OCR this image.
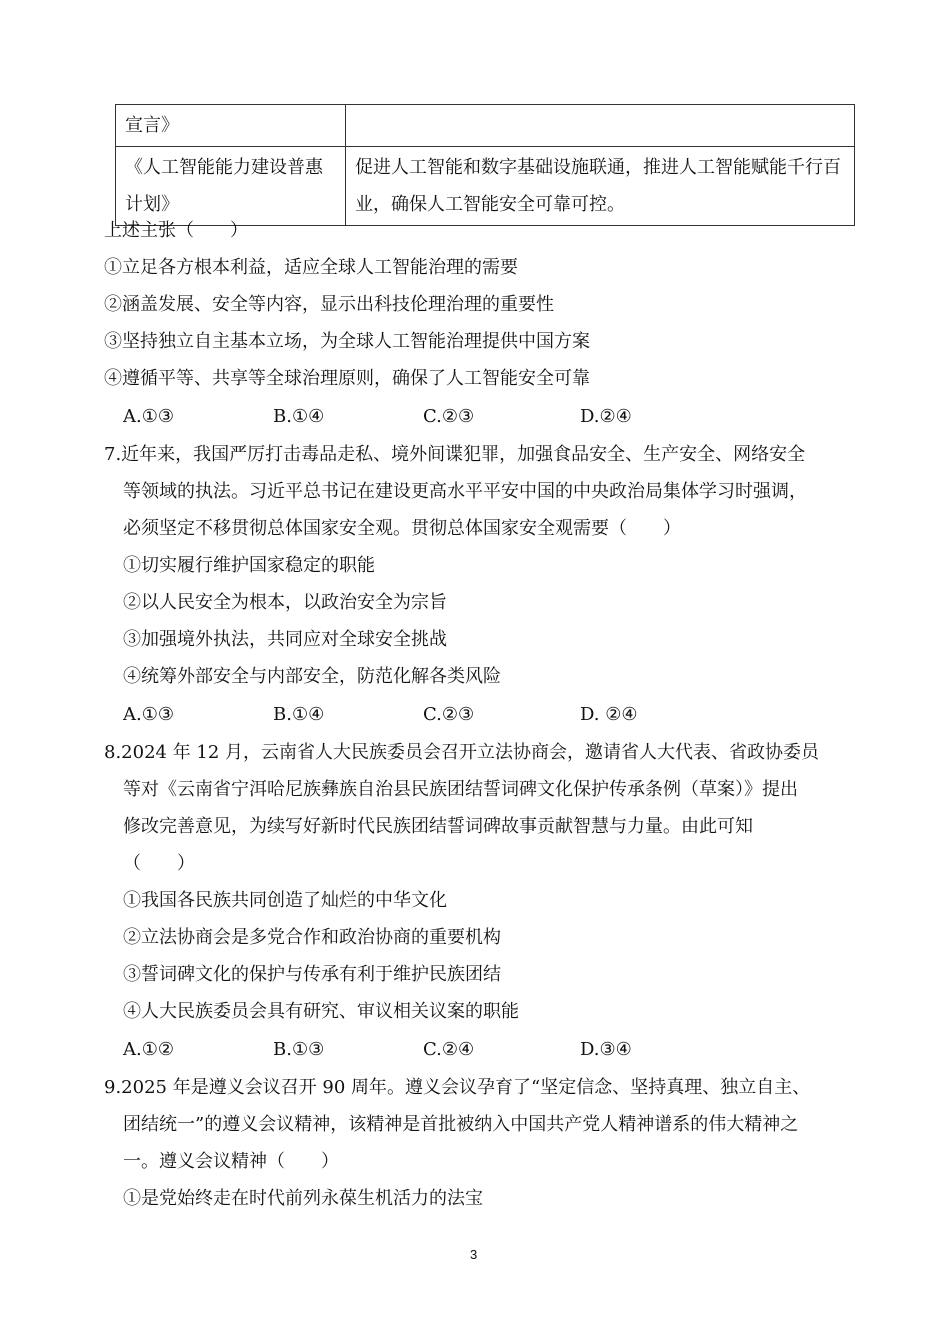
宣言》	
《人工智能能力建设普惠计划》	促进人工智能和数字基础设施联通，推进人工智能赋能千行百业，确保人工智能安全可靠可控。
上述主张（　　）
①立足各方根本利益，适应全球人工智能治理的需要
②涵盖发展、安全等内容，显示出科技伦理治理的重要性
③坚持独立自主基本立场，为全球人工智能治理提供中国方案
④遵循平等、共享等全球治理原则，确保了人工智能安全可靠
A.①③	B.①④	C.②③	D.②④
7.近年来，我国严厉打击毒品走私、境外间谍犯罪，加强食品安全、生产安全、网络安全
等领域的执法。习近平总书记在建设更高水平平安中国的中央政治局集体学习时强调，
必须坚定不移贯彻总体国家安全观。贯彻总体国家安全观需要（　　）
①切实履行维护国家稳定的职能
②以人民安全为根本，以政治安全为宗旨
③加强境外执法，共同应对全球安全挑战
④统筹外部安全与内部安全，防范化解各类风险
A.①③	B.①④	C.②③	D. ②④
8.2024 年 12 月，云南省人大民族委员会召开立法协商会，邀请省人大代表、省政协委员
等对《云南省宁洱哈尼族彝族自治县民族团结誓词碑文化保护传承条例（草案）》提出
修改完善意见，为续写好新时代民族团结誓词碑故事贡献智慧与力量。由此可知
（　　）
①我国各民族共同创造了灿烂的中华文化
②立法协商会是多党合作和政治协商的重要机构
③誓词碑文化的保护与传承有利于维护民族团结
④人大民族委员会具有研究、审议相关议案的职能
A.①②	B.①③	C.②④	D.③④
9.2025 年是遵义会议召开 90 周年。遵义会议孕育了“坚定信念、坚持真理、独立自主、
团结统一”的遵义会议精神，该精神是首批被纳入中国共产党人精神谱系的伟大精神之
一。遵义会议精神（　　）
①是党始终走在时代前列永葆生机活力的法宝
3
